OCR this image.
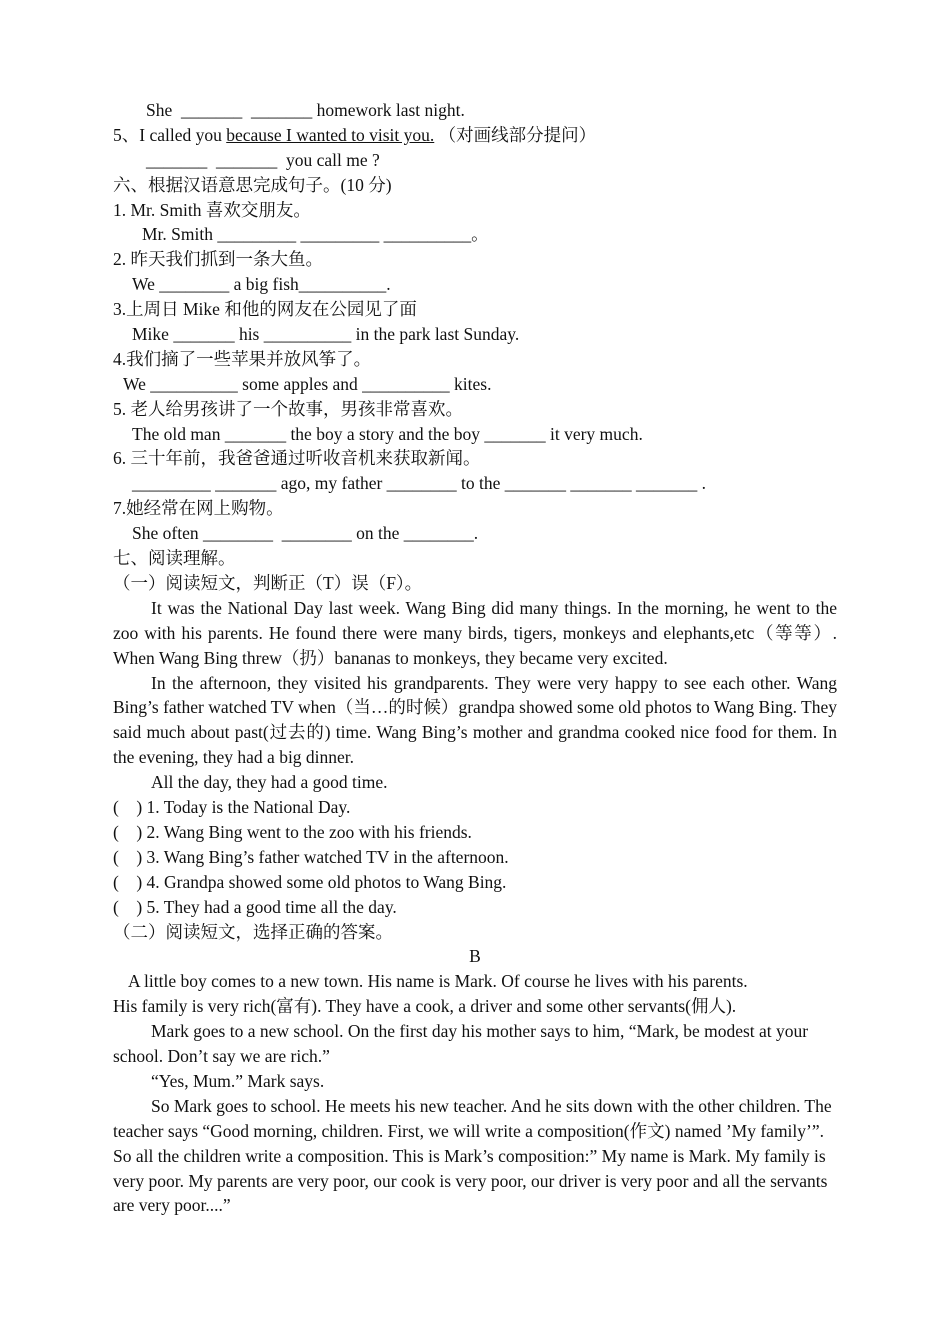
She  _______  _______ homework last night.
5、I called you because I wanted to visit you. （对画线部分提问）
_______  _______  you call me ?
六、根据汉语意思完成句子。(10 分)
1. Mr. Smith 喜欢交朋友。
Mr. Smith _________ _________ __________。
2. 昨天我们抓到一条大鱼。
We ________ a big fish__________.
3.上周日 Mike 和他的网友在公园见了面
Mike _______ his __________ in the park last Sunday.
4.我们摘了一些苹果并放风筝了。
We __________ some apples and __________ kites.
5. 老人给男孩讲了一个故事，男孩非常喜欢。
The old man _______ the boy a story and the boy _______ it very much.
6. 三十年前，我爸爸通过听收音机来获取新闻。
_________ _______ ago, my father ________ to the _______ _______ _______ .
7.她经常在网上购物。
She often ________  ________ on the ________.
七、阅读理解。
（一）阅读短文，判断正（T）误（F）。
It was the National Day last week. Wang Bing did many things. In the morning, he went to the zoo with his parents. He found there were many birds, tigers, monkeys and elephants,etc（等等）. When Wang Bing threw（扔）bananas to monkeys, they became very excited.
In the afternoon, they visited his grandparents. They were very happy to see each other. Wang Bing’s father watched TV when（当…的时候）grandpa showed some old photos to Wang Bing. They said much about past(过去的) time. Wang Bing’s mother and grandma cooked nice food for them. In the evening, they had a big dinner.
All the day, they had a good time.
(    ) 1. Today is the National Day.
(    ) 2. Wang Bing went to the zoo with his friends.
(    ) 3. Wang Bing’s father watched TV in the afternoon.
(    ) 4. Grandpa showed some old photos to Wang Bing.
(    ) 5. They had a good time all the day.
（二）阅读短文，选择正确的答案。
B
A little boy comes to a new town. His name is Mark. Of course he lives with his parents.
His family is very rich(富有). They have a cook, a driver and some other servants(佣人).
Mark goes to a new school. On the first day his mother says to him, “Mark, be modest at your school. Don’t say we are rich.”
“Yes, Mum.” Mark says.
So Mark goes to school. He meets his new teacher. And he sits down with the other children. The teacher says “Good morning, children. First, we will write a composition(作文) named ’My family’”. So all the children write a composition. This is Mark’s composition:” My name is Mark. My family is very poor. My parents are very poor, our cook is very poor, our driver is very poor and all the servants are very poor....”
